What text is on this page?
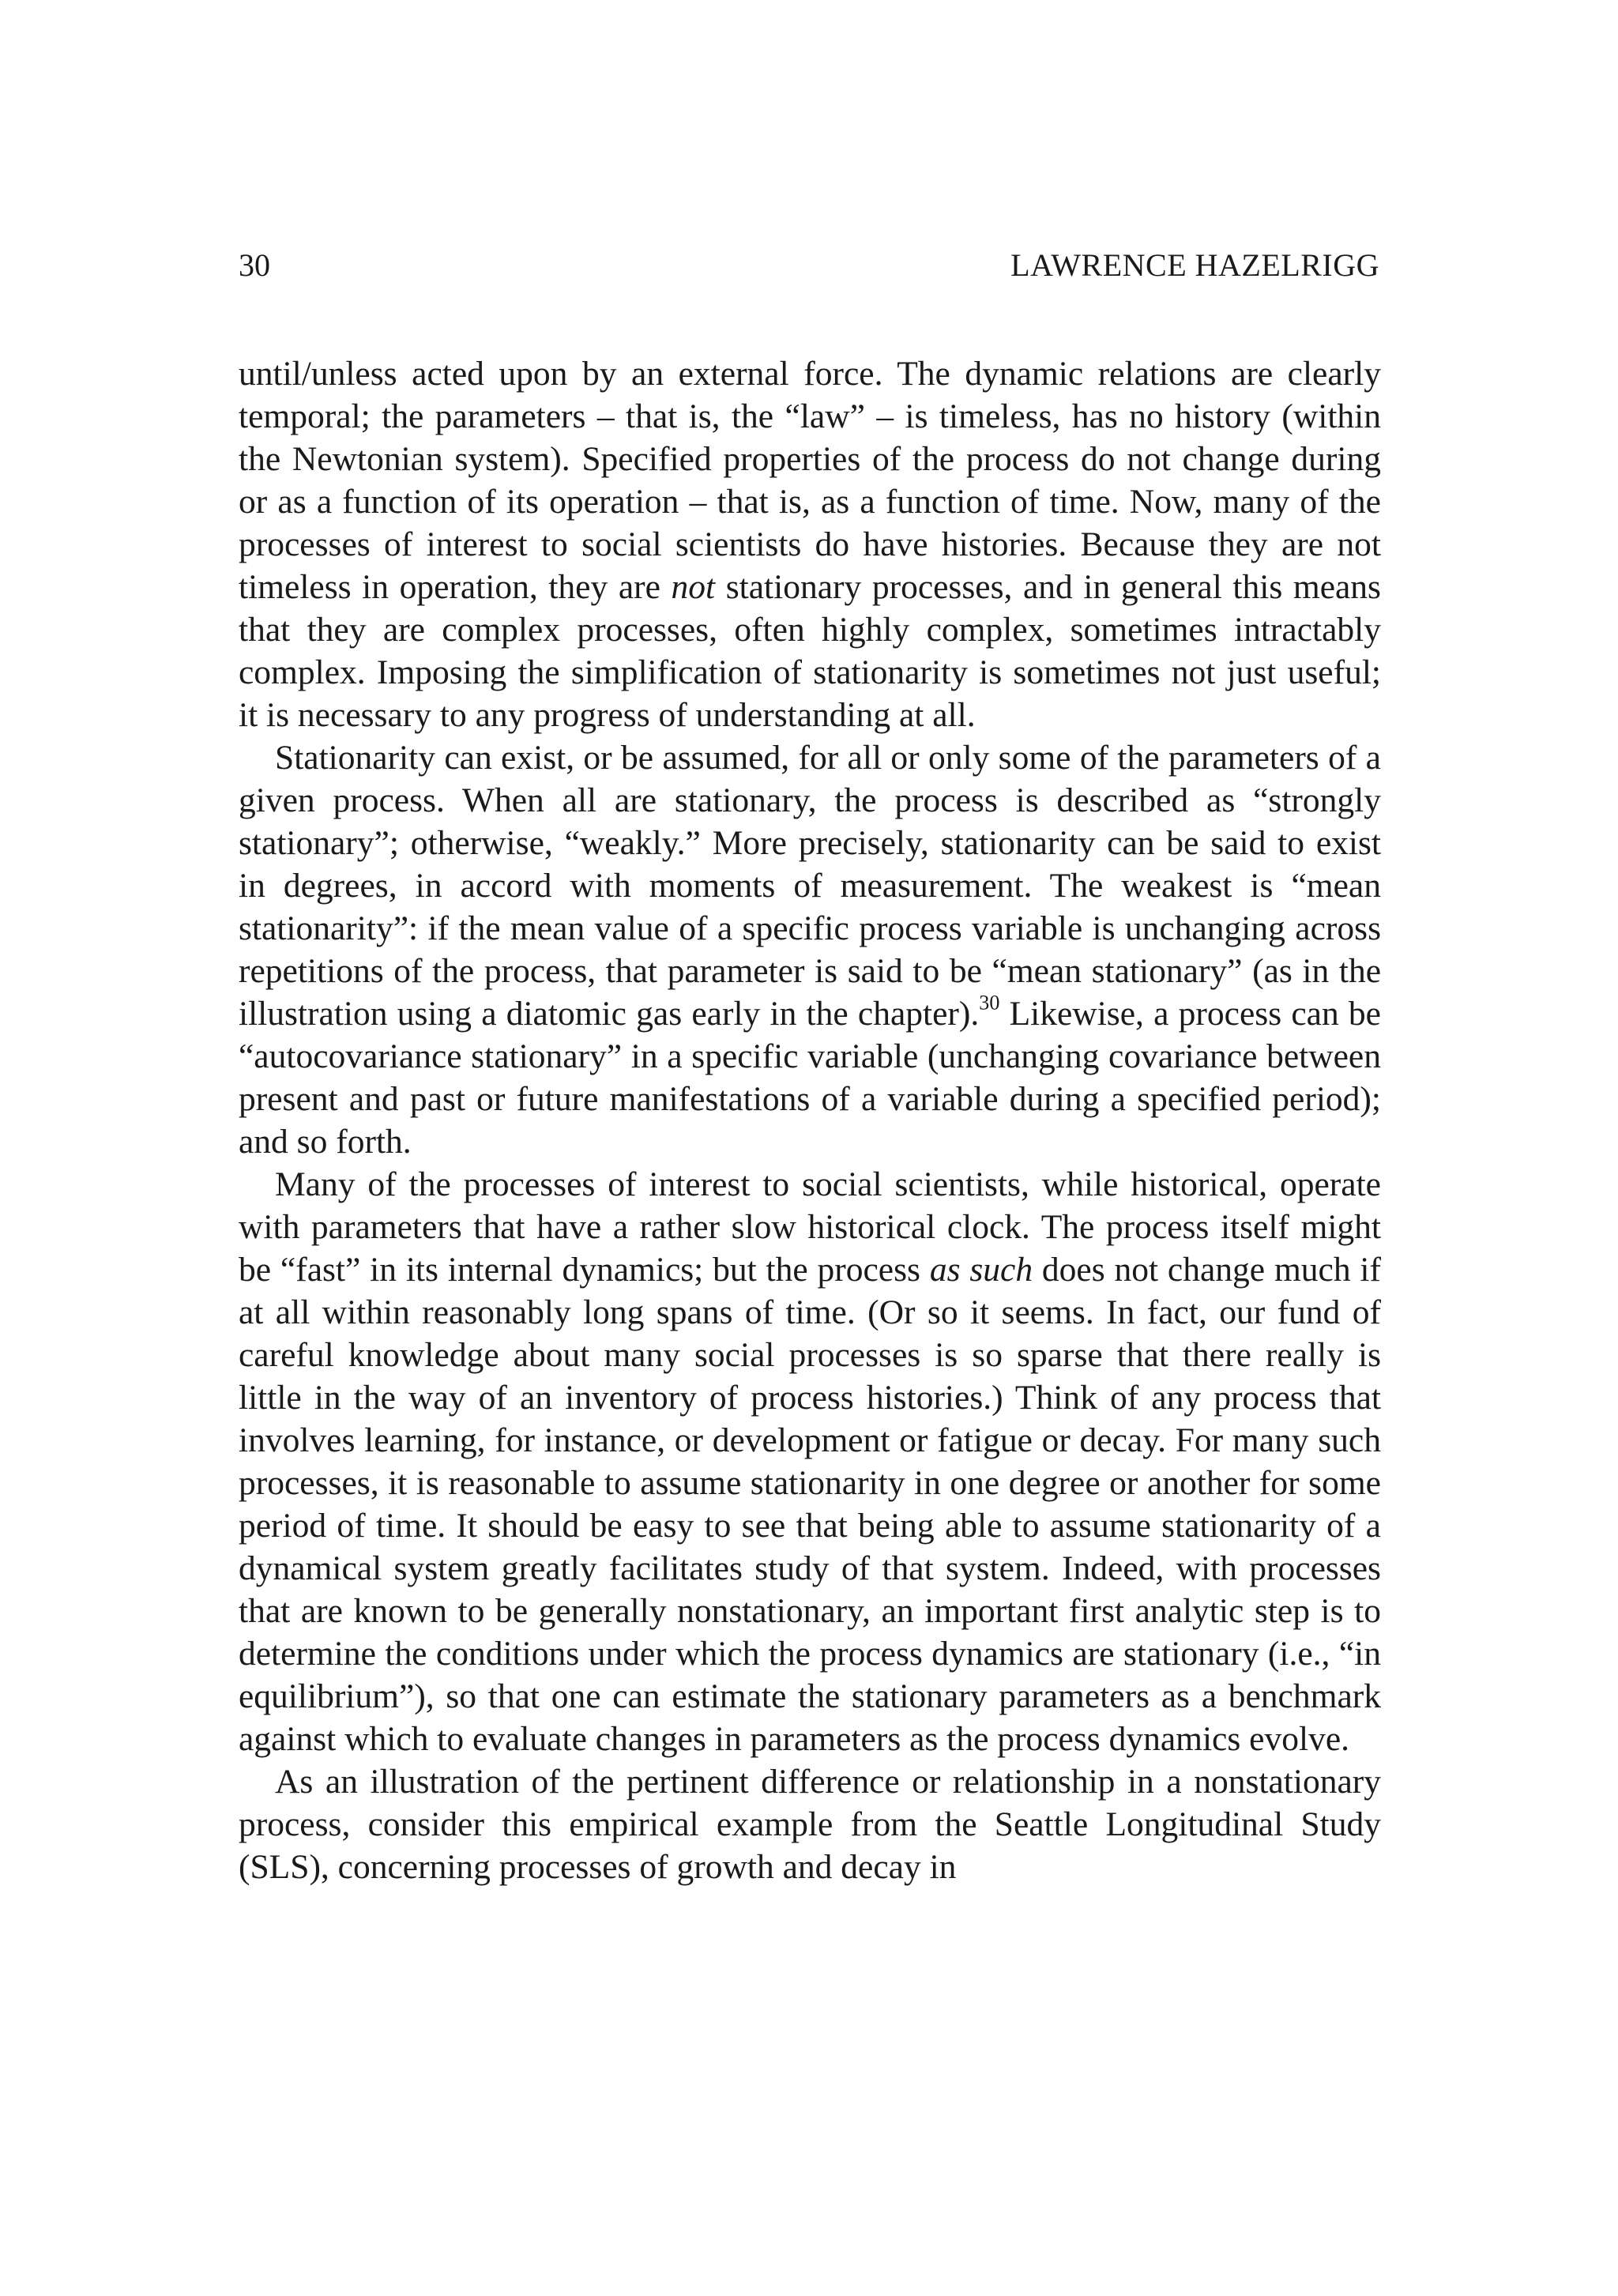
30	LAWRENCE HAZELRIGG

until/unless acted upon by an external force. The dynamic relations are clearly temporal; the parameters – that is, the “law” – is timeless, has no history (within the Newtonian system). Specified properties of the process do not change during or as a function of its operation – that is, as a function of time. Now, many of the processes of interest to social scientists do have histories. Because they are not timeless in operation, they are not stationary processes, and in general this means that they are complex processes, often highly complex, sometimes intractably complex. Imposing the simplification of stationarity is sometimes not just useful; it is necessary to any progress of understanding at all.

Stationarity can exist, or be assumed, for all or only some of the parameters of a given process. When all are stationary, the process is described as “strongly stationary”; otherwise, “weakly.” More precisely, stationarity can be said to exist in degrees, in accord with moments of measurement. The weakest is “mean stationarity”: if the mean value of a specific process variable is unchanging across repetitions of the process, that parameter is said to be “mean stationary” (as in the illustration using a diatomic gas early in the chapter).$^{30}$ Likewise, a process can be “autocovariance stationary” in a specific variable (unchanging covariance between present and past or future manifestations of a variable during a specified period); and so forth.

Many of the processes of interest to social scientists, while historical, operate with parameters that have a rather slow historical clock. The process itself might be “fast” in its internal dynamics; but the process as such does not change much if at all within reasonably long spans of time. (Or so it seems. In fact, our fund of careful knowledge about many social processes is so sparse that there really is little in the way of an inventory of process histories.) Think of any process that involves learning, for instance, or development or fatigue or decay. For many such processes, it is reasonable to assume stationarity in one degree or another for some period of time. It should be easy to see that being able to assume stationarity of a dynamical system greatly facilitates study of that system. Indeed, with processes that are known to be generally nonstationary, an important first analytic step is to determine the conditions under which the process dynamics are stationary (i.e., “in equilibrium”), so that one can estimate the stationary parameters as a benchmark against which to evaluate changes in parameters as the process dynamics evolve.

As an illustration of the pertinent difference or relationship in a nonstationary process, consider this empirical example from the Seattle Longitudinal Study (SLS), concerning processes of growth and decay in
